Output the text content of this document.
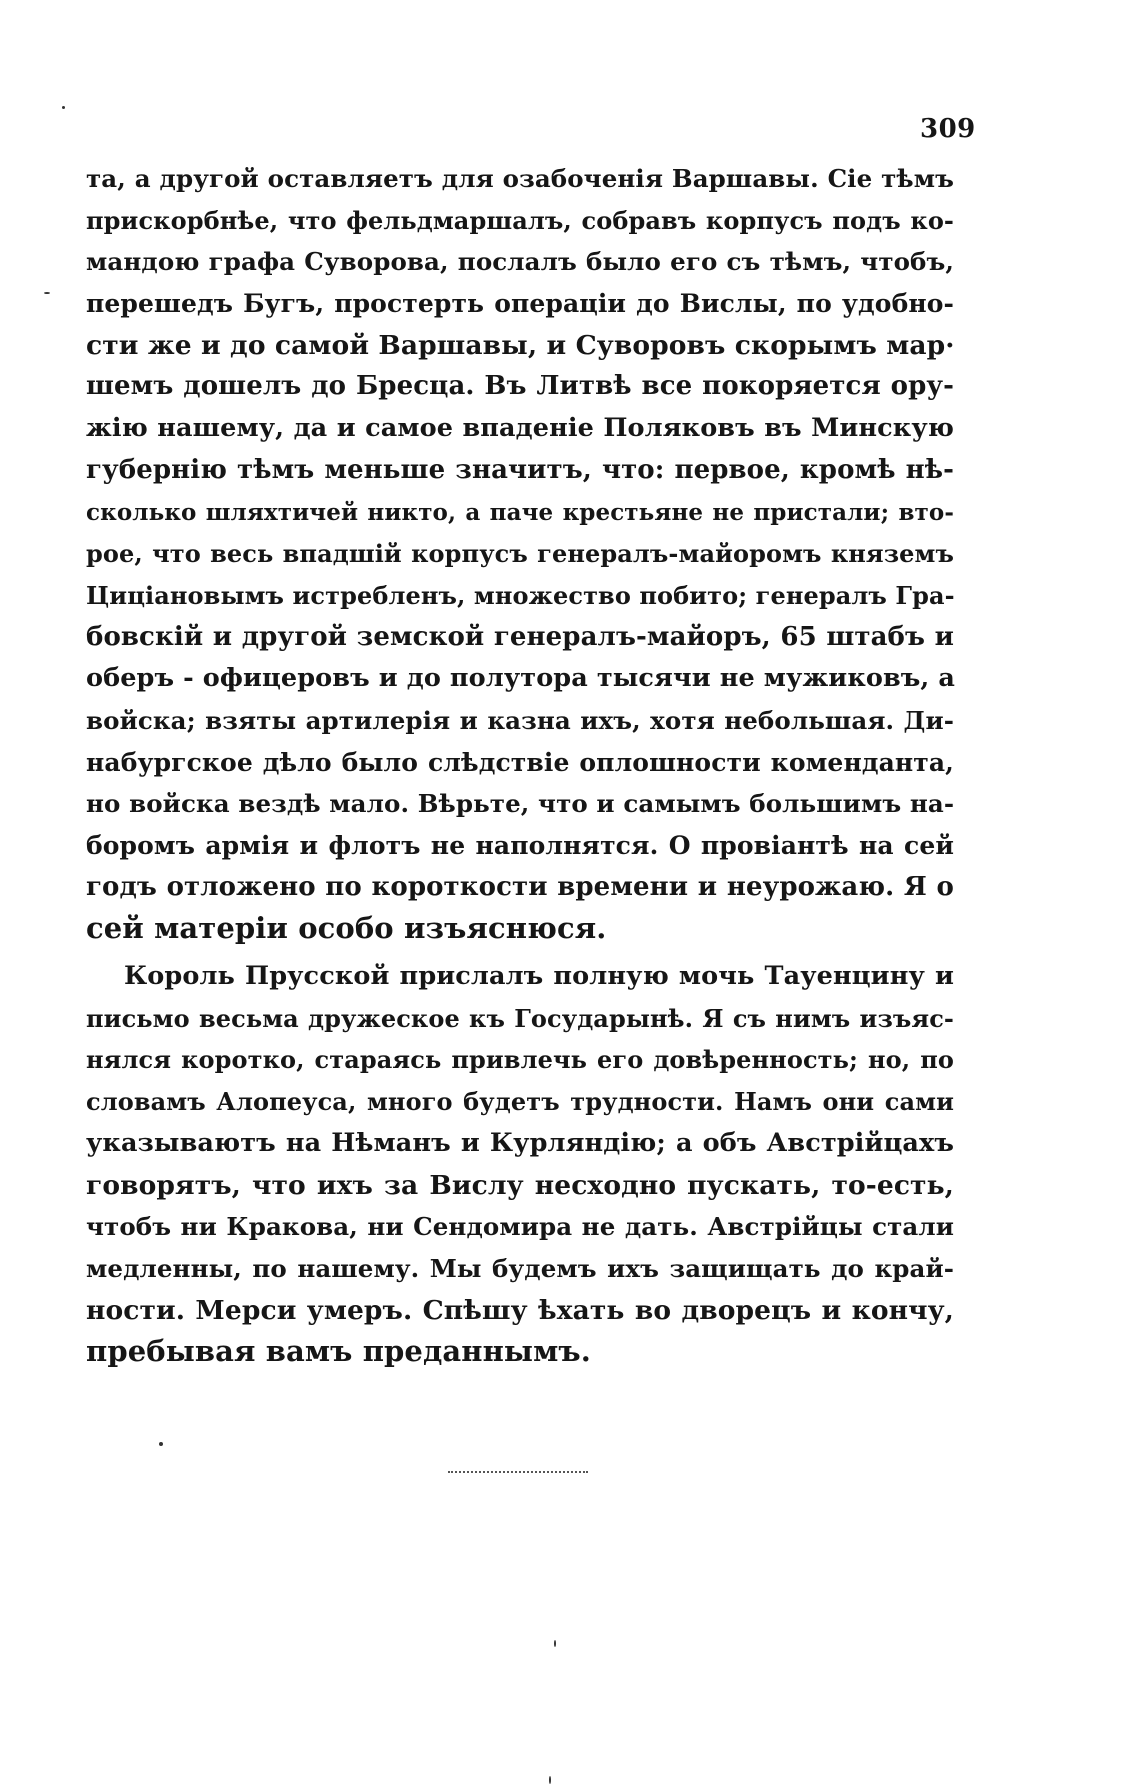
309
та, а другой оставляетъ для озабоченія Варшавы. Сіе тѣмъ
прискорбнѣе, что фельдмаршалъ, собравъ корпусъ подъ ко-
мандою графа Суворова, послалъ было его съ тѣмъ, чтобъ,
перешедъ Бугъ, простерть операціи до Вислы, по удобно-
сти же и до самой Варшавы, и Суворовъ скорымъ мар·
шемъ дошелъ до Бресца. Въ Литвѣ все покоряется ору-
жію нашему, да и самое впаденіе Поляковъ въ Минскую
губернію тѣмъ меньше значитъ, что: первое, кромѣ нѣ-
сколько шляхтичей никто, а паче крестьяне не пристали; вто-
рое, что весь впадшій корпусъ генералъ-майоромъ княземъ
Циціановымъ истребленъ, множество побито; генералъ Гра-
бовскій и другой земской генералъ-майоръ, 65 штабъ и
оберъ - офицеровъ и до полутора тысячи не мужиковъ, а
войска; взяты артилерія и казна ихъ, хотя небольшая. Ди-
набургское дѣло было слѣдствіе оплошности коменданта,
но войска вездѣ мало. Вѣрьте, что и самымъ большимъ на-
боромъ армія и флотъ не наполнятся. О провіантѣ на сей
годъ отложено по короткости времени и неурожаю. Я о
сей матеріи особо изъяснюся.
Король Прусской прислалъ полную мочь Тауенцину и
письмо весьма дружеское къ Государынѣ. Я съ нимъ изъяс-
нялся коротко, стараясь привлечь его довѣренность; но, по
словамъ Алопеуса, много будетъ трудности. Намъ они сами
указываютъ на Нѣманъ и Курляндію; а объ Австрійцахъ
говорятъ, что ихъ за Вислу несходно пускать, то-есть,
чтобъ ни Кракова, ни Сендомира не дать. Австрійцы стали
медленны, по нашему. Мы будемъ ихъ защищать до край-
ности. Мерси умеръ. Спѣшу ѣхать во дворецъ и кончу,
пребывая вамъ преданнымъ.
